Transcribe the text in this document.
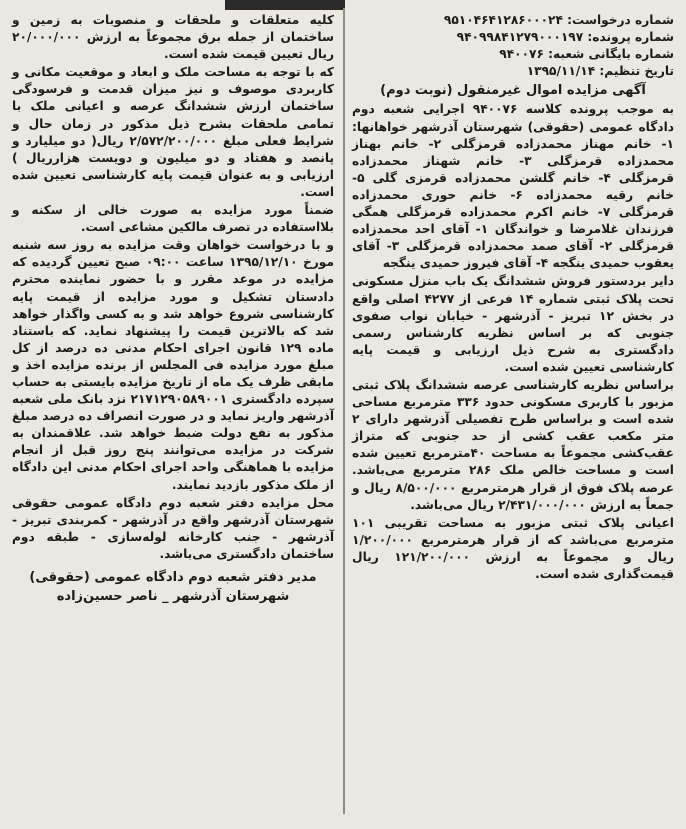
شماره درخواست: ۹۵۱۰۴۶۴۱۲۸۶۰۰۰۲۴
شماره پرونده: ۹۴۰۹۹۸۴۱۲۷۹۰۰۰۱۹۷
شماره بایگانی شعبه: ۹۴۰۰۷۶
تاریخ تنظیم: ۱۳۹۵/۱۱/۱۴
آگهی مزایده اموال غیرمنقول (نوبت دوم)

به موجب پرونده کلاسه ۹۴۰۰۷۶ اجرایی شعبه دوم دادگاه عمومی (حقوقی) شهرستان آذرشهر خواهانها: ۱- خانم مهناز محمدزاده قرمزگلی ۲- خانم بهناز محمدزاده قرمزگلی ۳- خانم شهناز محمدزاده قرمزگلی ۴- خانم گلشن محمدزاده قرمزی گلی ۵- خانم رقیه محمدزاده ۶- خانم حوری محمدزاده قرمزگلی ۷- خانم اکرم محمدزاده قرمزگلی همگی فرزندان غلامرضا و خواندگان ۱- آقای احد محمدزاده قرمزگلی ۲- آقای صمد محمدزاده قرمزگلی ۳- آقای یعقوب حمیدی ینگجه ۴- آقای فیروز حمیدی ینگجه

دایر بردستور فروش ششدانگ یک باب منزل مسکونی تحت پلاک ثبتی شماره ۱۴ فرعی از ۴۲۷۷ اصلی واقع در بخش ۱۲ تبریز - آذرشهر - خیابان نواب صفوی جنوبی که بر اساس نظریه کارشناس رسمی دادگستری به شرح ذیل ارزیابی و قیمت پایه کارشناسی تعیین شده است.

براساس نظریه کارشناسی عرصه ششدانگ پلاک ثبتی مزبور با کاربری مسکونی حدود ۳۳۶ مترمربع مساحی شده است و براساس طرح تفصیلی آذرشهر دارای ۲ متر مکعب عقب کشی از حد جنوبی که متراژ عقب‌کشی مجموعاً به مساحت ۴۰مترمربع تعیین شده است و مساحت خالص ملک ۲۸۶ مترمربع می‌باشد. عرصه پلاک فوق از قرار هرمترمربع ۸/۵۰۰/۰۰۰ ریال و جمعاً به ارزش ۲/۴۳۱/۰۰۰/۰۰۰ ریال می‌باشد.

اعیانی پلاک ثبتی مزبور به مساحت تقریبی ۱۰۱ مترمربع می‌باشد که از قرار هرمترمربع ۱/۲۰۰/۰۰۰ ریال و مجموعاً به ارزش ۱۲۱/۲۰۰/۰۰۰ ریال قیمت‌گذاری شده است.

کلیه متعلقات و ملحقات و منصوبات به زمین و ساختمان از جمله برق مجموعاً به ارزش ۲۰/۰۰۰/۰۰۰ ریال تعیین قیمت شده است.

که با توجه به مساحت ملک و ابعاد و موقعیت مکانی و کاربردی موصوف و نیز میزان قدمت و فرسودگی ساختمان ارزش ششدانگ عرصه و اعیانی ملک با تمامی ملحقات بشرح ذیل مذکور در زمان حال و شرایط فعلی مبلغ ۲/۵۷۲/۲۰۰/۰۰۰ ریال( دو میلیارد و پانصد و هفتاد و دو میلیون و دویست هزارریال ) ارزیابی و به عنوان قیمت پایه کارشناسی تعیین شده است.

ضمناً مورد مزایده به صورت خالی از سکنه و بلااستفاده در تصرف مالکین مشاعی است.

و با درخواست خواهان وقت مزایده به روز سه شنبه مورخ ۱۳۹۵/۱۲/۱۰ ساعت ۰۹:۰۰ صبح تعیین گردیده که مزایده در موعد مقرر و با حضور نماینده محترم دادستان تشکیل و مورد مزایده از قیمت پایه کارشناسی شروع خواهد شد و به کسی واگذار خواهد شد که بالاترین قیمت را پیشنهاد نماید. که باستناد ماده ۱۲۹ قانون اجرای احکام مدنی ده درصد از کل مبلغ مورد مزایده فی المجلس از برنده مزایده اخذ و مابقی ظرف یک ماه از تاریخ مزایده بایستی به حساب سپرده دادگستری ۲۱۷۱۲۹۰۵۸۹۰۰۱ نزد بانک ملی شعبه آذرشهر واریز نماید و در صورت انصراف ده درصد مبلغ مذکور به نفع دولت ضبط خواهد شد. علاقمندان به شرکت در مزایده می‌توانند پنج روز قبل از انجام مزایده با هماهنگی واحد اجرای احکام مدنی این دادگاه از ملک مذکور بازدید نمایند.

محل مزایده دفتر شعبه دوم دادگاه عمومی حقوقی شهرستان آذرشهر واقع در آذرشهر - کمربندی تبریز - آذرشهر - جنب کارخانه لوله‌سازی - طبقه دوم ساختمان دادگستری می‌باشد.

مدیر دفتر شعبه دوم دادگاه عمومی (حقوقی)
شهرستان آذرشهر _ ناصر حسین‌زاده
